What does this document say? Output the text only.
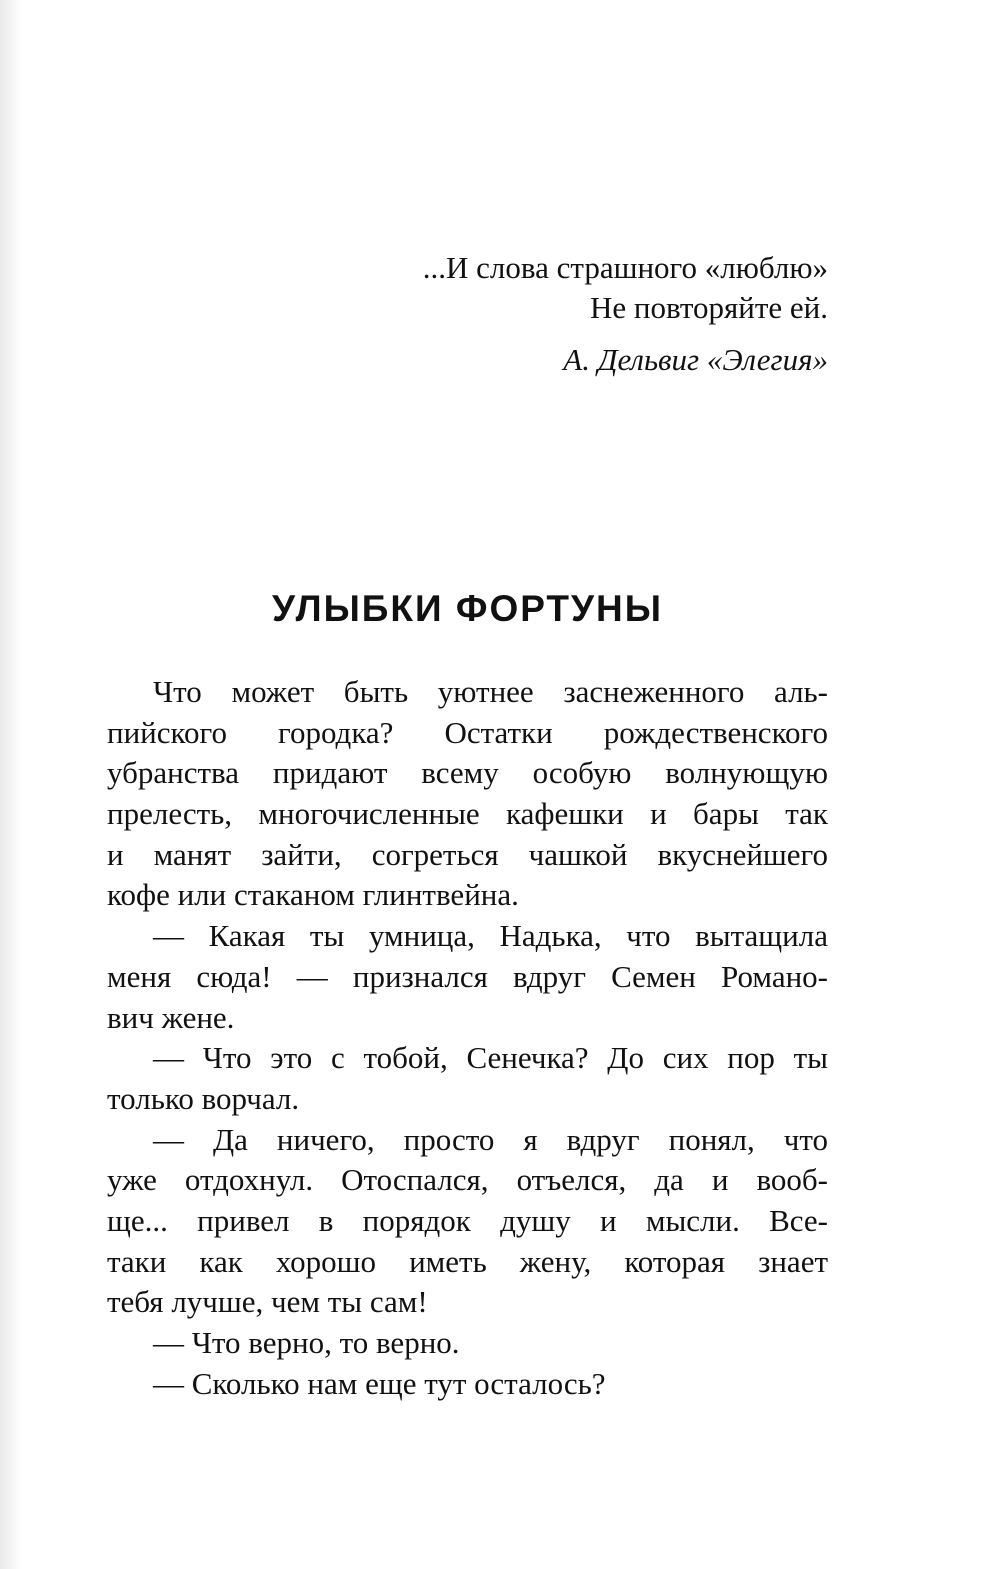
...И слова страшного «люблю»
Не повторяйте ей.
А. Дельвиг «Элегия»
УЛЫБКИ ФОРТУНЫ
Что может быть уютнее заснеженного аль-
пийского городка? Остатки рождественского
убранства придают всему особую волнующую
прелесть, многочисленные кафешки и бары так
и манят зайти, согреться чашкой вкуснейшего
кофе или стаканом глинтвейна.
— Какая ты умница, Надька, что вытащила
меня сюда! — признался вдруг Семен Романо-
вич жене.
— Что это с тобой, Сенечка? До сих пор ты
только ворчал.
— Да ничего, просто я вдруг понял, что
уже отдохнул. Отоспался, отъелся, да и вооб-
ще... привел в порядок душу и мысли. Все-
таки как хорошо иметь жену, которая знает
тебя лучше, чем ты сам!
— Что верно, то верно.
— Сколько нам еще тут осталось?
